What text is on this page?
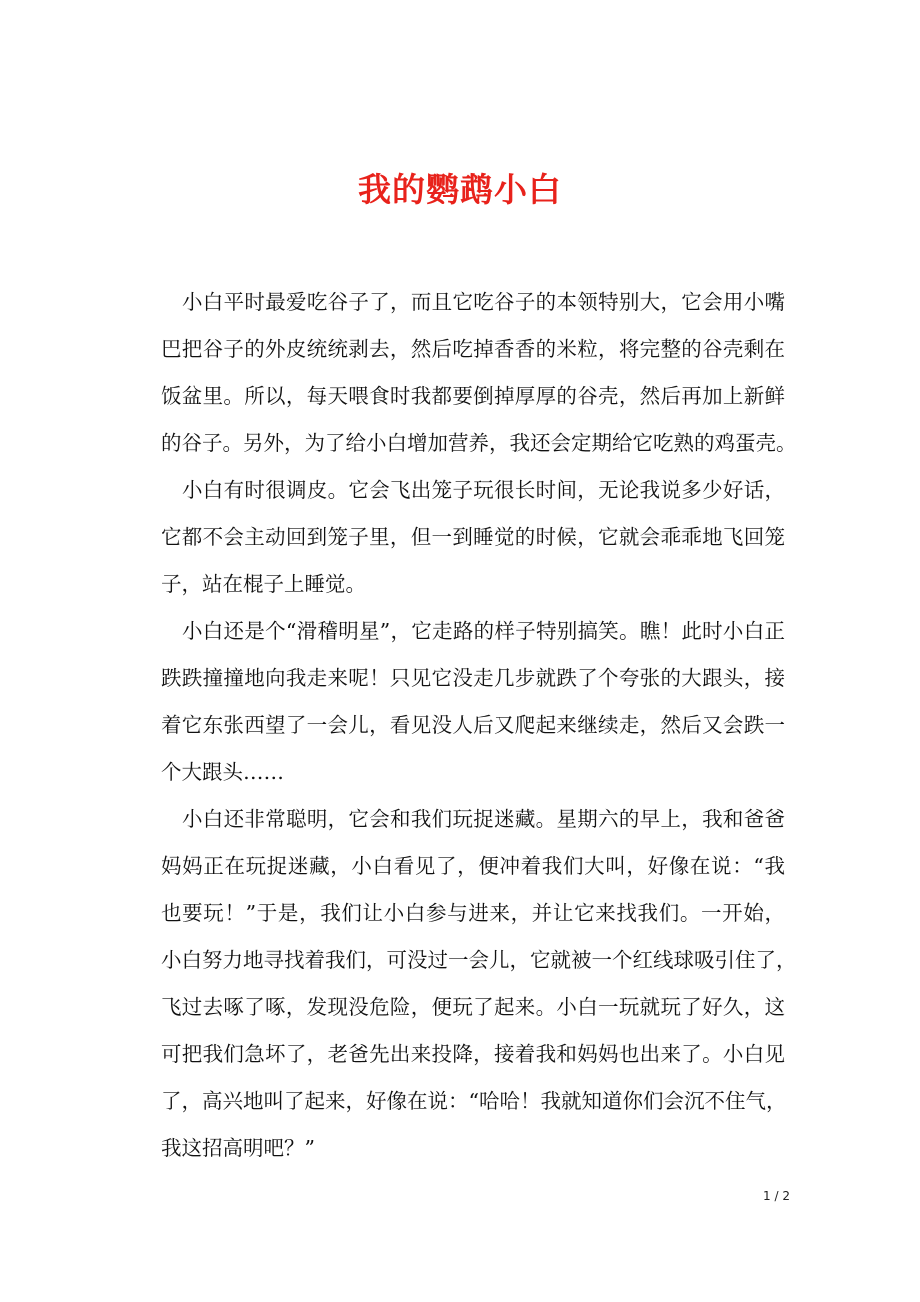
我的鹦鹉小白
小白平时最爱吃谷子了，而且它吃谷子的本领特别大，它会用小嘴
巴把谷子的外皮统统剥去，然后吃掉香香的米粒，将完整的谷壳剩在
饭盆里。所以，每天喂食时我都要倒掉厚厚的谷壳，然后再加上新鲜
的谷子。另外，为了给小白增加营养，我还会定期给它吃熟的鸡蛋壳。
小白有时很调皮。它会飞出笼子玩很长时间，无论我说多少好话，
它都不会主动回到笼子里，但一到睡觉的时候，它就会乖乖地飞回笼
子，站在棍子上睡觉。
小白还是个“滑稽明星”，它走路的样子特别搞笑。瞧！此时小白正
跌跌撞撞地向我走来呢！只见它没走几步就跌了个夸张的大跟头，接
着它东张西望了一会儿，看见没人后又爬起来继续走，然后又会跌一
个大跟头……
小白还非常聪明，它会和我们玩捉迷藏。星期六的早上，我和爸爸
妈妈正在玩捉迷藏，小白看见了，便冲着我们大叫，好像在说：“我
也要玩！”于是，我们让小白参与进来，并让它来找我们。一开始，
小白努力地寻找着我们，可没过一会儿，它就被一个红线球吸引住了，
飞过去啄了啄，发现没危险，便玩了起来。小白一玩就玩了好久，这
可把我们急坏了，老爸先出来投降，接着我和妈妈也出来了。小白见
了，高兴地叫了起来，好像在说：“哈哈！我就知道你们会沉不住气，
我这招高明吧？”
1 / 2
